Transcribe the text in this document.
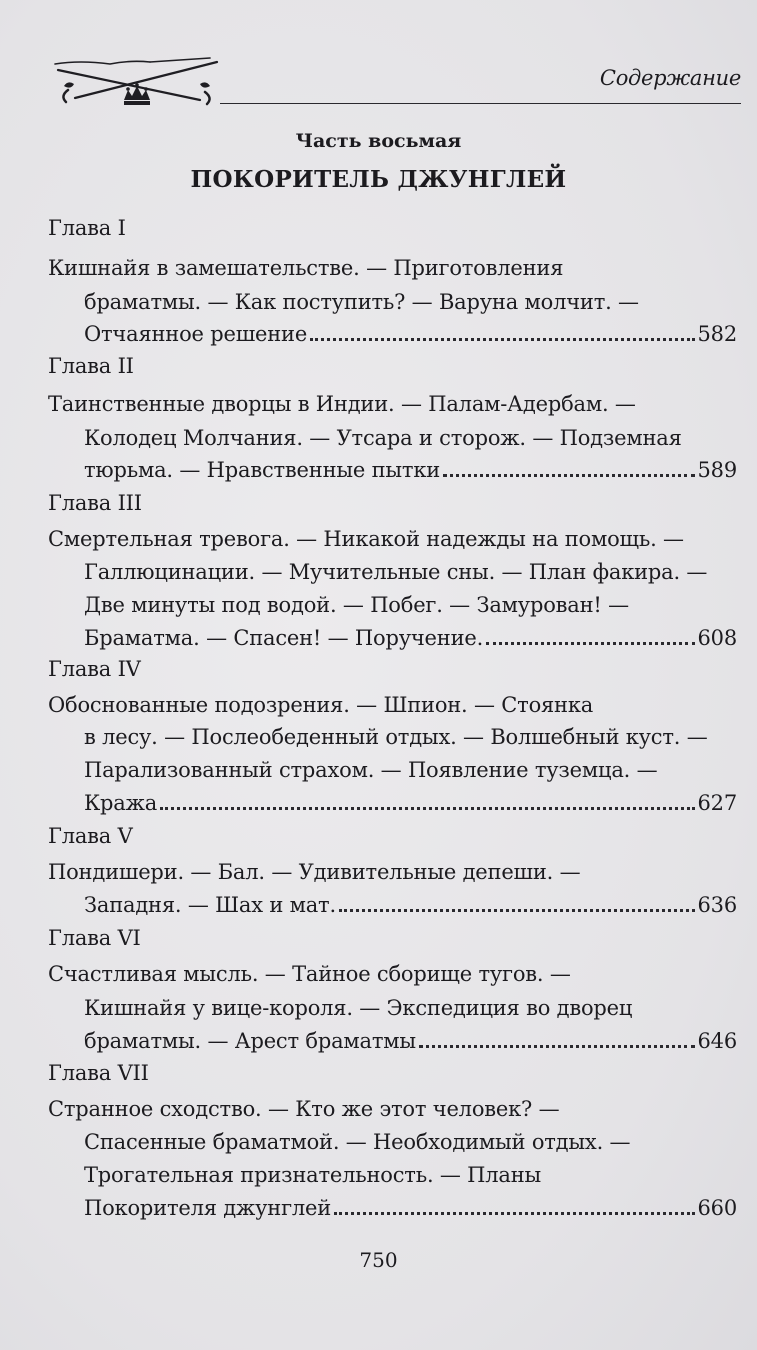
Содержание
Часть восьмая
ПОКОРИТЕЛЬ ДЖУНГЛЕЙ
Глава I
Кишнайя в замешательстве. — Приготовления
брамaтмы. — Как поступить? — Варуна молчит. —
Отчаянное решение	582
Глава II
Таинственные дворцы в Индии. — Палам-Адербам. —
Колодец Молчания. — Утсара и сторож. — Подземная
тюрьма. — Нравственные пытки	589
Глава III
Смертельная тревога. — Никакой надежды на помощь. —
Галлюцинации. — Мучительные сны. — План факира. —
Две минуты под водой. — Побег. — Замурован! —
Браматма. — Спасен! — Поручение.	608
Глава IV
Обоснованные подозрения. — Шпион. — Стоянка
в лесу. — Послеобеденный отдых. — Волшебный куст. —
Парализованный страхом. — Появление туземца. —
Кража	627
Глава V
Пондишери. — Бал. — Удивительные депеши. —
Западня. — Шах и мат.	636
Глава VI
Счастливая мысль. — Тайное сборище тугов. —
Кишнайя у вице-короля. — Экспедиция во дворец
браматмы. — Арест браматмы	646
Глава VII
Странное сходство. — Кто же этот человек? —
Спасенные браматмой. — Необходимый отдых. —
Трогательная признательность. — Планы
Покорителя джунглей	660
750
